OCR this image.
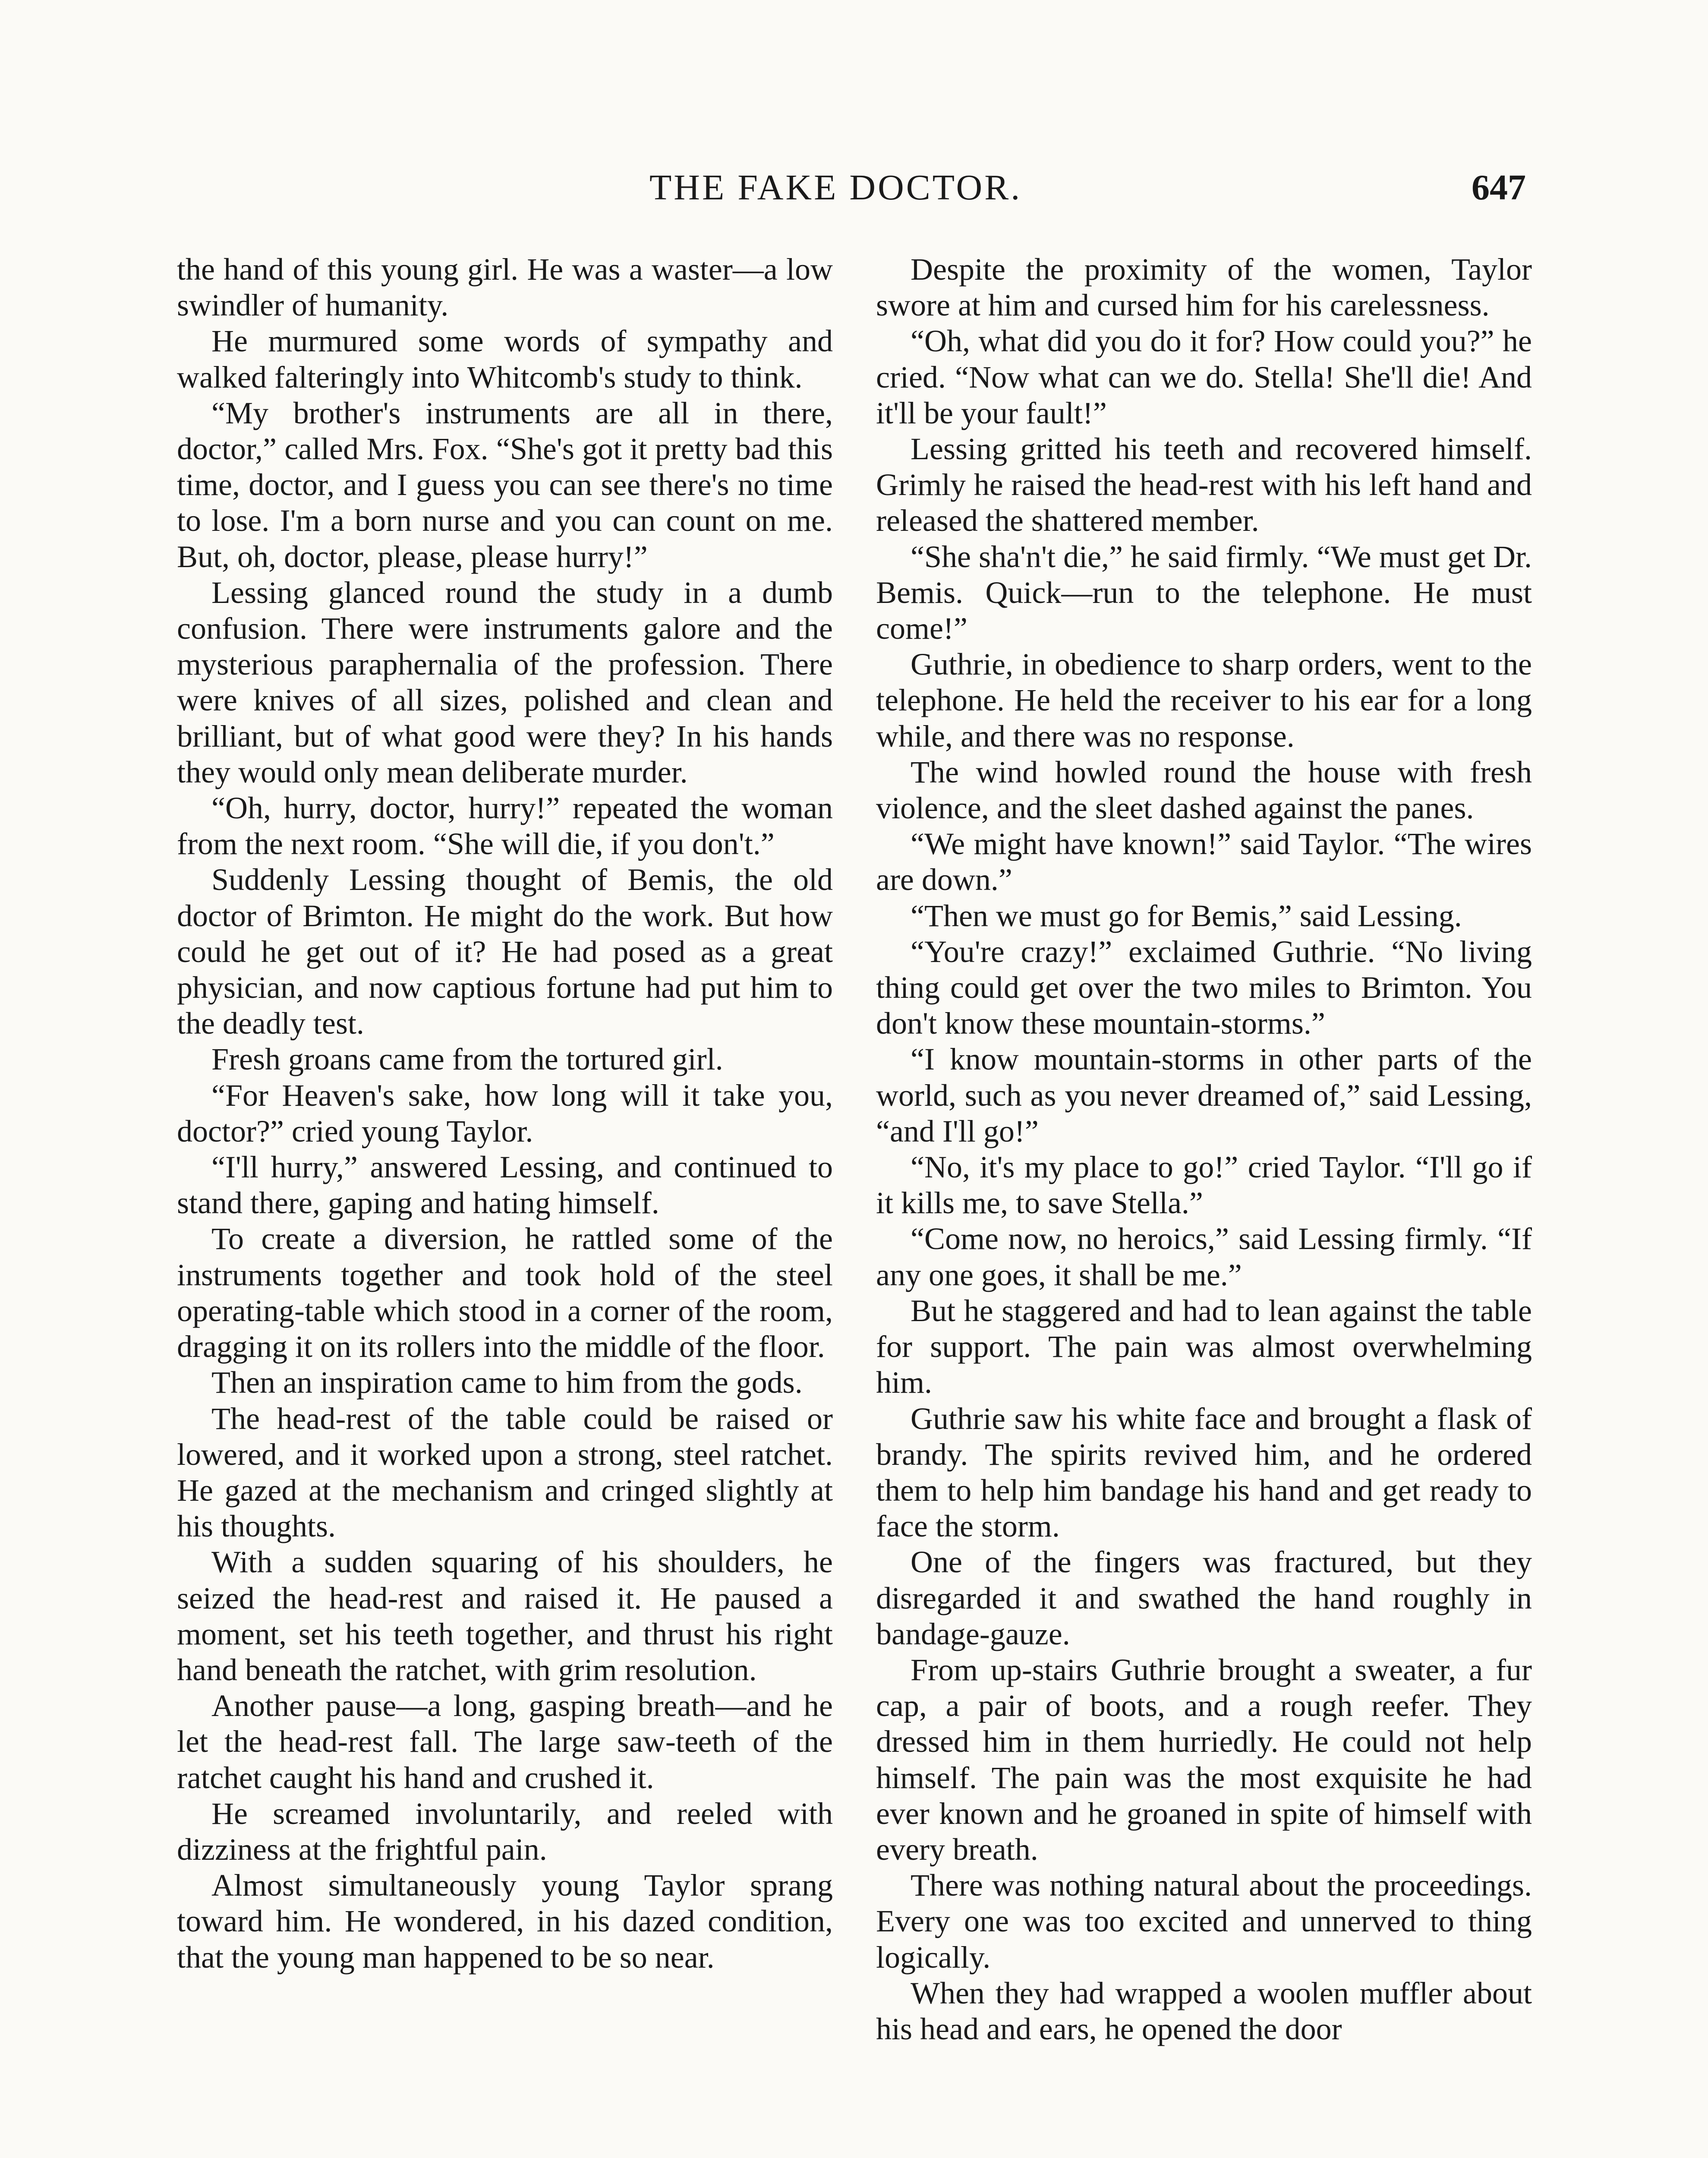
THE FAKE DOCTOR.	647

the hand of this young girl. He was a waster—a low swindler of humanity.

He murmured some words of sympathy and walked falteringly into Whitcomb's study to think.

“My brother's instruments are all in there, doctor,” called Mrs. Fox. “She's got it pretty bad this time, doctor, and I guess you can see there's no time to lose. I'm a born nurse and you can count on me. But, oh, doctor, please, please hurry!”

Lessing glanced round the study in a dumb confusion. There were instruments galore and the mysterious paraphernalia of the profession. There were knives of all sizes, polished and clean and brilliant, but of what good were they? In his hands they would only mean deliberate murder.

“Oh, hurry, doctor, hurry!” repeated the woman from the next room. “She will die, if you don't.”

Suddenly Lessing thought of Bemis, the old doctor of Brimton. He might do the work. But how could he get out of it? He had posed as a great physician, and now captious fortune had put him to the deadly test.

Fresh groans came from the tortured girl.

“For Heaven's sake, how long will it take you, doctor?” cried young Taylor.

“I'll hurry,” answered Lessing, and continued to stand there, gaping and hating himself.

To create a diversion, he rattled some of the instruments together and took hold of the steel operating-table which stood in a corner of the room, dragging it on its rollers into the middle of the floor.

Then an inspiration came to him from the gods.

The head-rest of the table could be raised or lowered, and it worked upon a strong, steel ratchet. He gazed at the mechanism and cringed slightly at his thoughts.

With a sudden squaring of his shoulders, he seized the head-rest and raised it. He paused a moment, set his teeth together, and thrust his right hand beneath the ratchet, with grim resolution.

Another pause—a long, gasping breath—and he let the head-rest fall. The large saw-teeth of the ratchet caught his hand and crushed it.

He screamed involuntarily, and reeled with dizziness at the frightful pain.

Almost simultaneously young Taylor sprang toward him. He wondered, in his dazed condition, that the young man happened to be so near.

Despite the proximity of the women, Taylor swore at him and cursed him for his carelessness.

“Oh, what did you do it for? How could you?” he cried. “Now what can we do. Stella! She'll die! And it'll be your fault!”

Lessing gritted his teeth and recovered himself. Grimly he raised the head-rest with his left hand and released the shattered member.

“She sha'n't die,” he said firmly. “We must get Dr. Bemis. Quick—run to the telephone. He must come!”

Guthrie, in obedience to sharp orders, went to the telephone. He held the receiver to his ear for a long while, and there was no response.

The wind howled round the house with fresh violence, and the sleet dashed against the panes.

“We might have known!” said Taylor. “The wires are down.”

“Then we must go for Bemis,” said Lessing.

“You're crazy!” exclaimed Guthrie. “No living thing could get over the two miles to Brimton. You don't know these mountain-storms.”

“I know mountain-storms in other parts of the world, such as you never dreamed of,” said Lessing, “and I'll go!”

“No, it's my place to go!” cried Taylor. “I'll go if it kills me, to save Stella.”

“Come now, no heroics,” said Lessing firmly. “If any one goes, it shall be me.”

But he staggered and had to lean against the table for support. The pain was almost overwhelming him.

Guthrie saw his white face and brought a flask of brandy. The spirits revived him, and he ordered them to help him bandage his hand and get ready to face the storm.

One of the fingers was fractured, but they disregarded it and swathed the hand roughly in bandage-gauze.

From up-stairs Guthrie brought a sweater, a fur cap, a pair of boots, and a rough reefer. They dressed him in them hurriedly. He could not help himself. The pain was the most exquisite he had ever known and he groaned in spite of himself with every breath.

There was nothing natural about the proceedings. Every one was too excited and unnerved to thing logically.

When they had wrapped a woolen muffler about his head and ears, he opened the door
